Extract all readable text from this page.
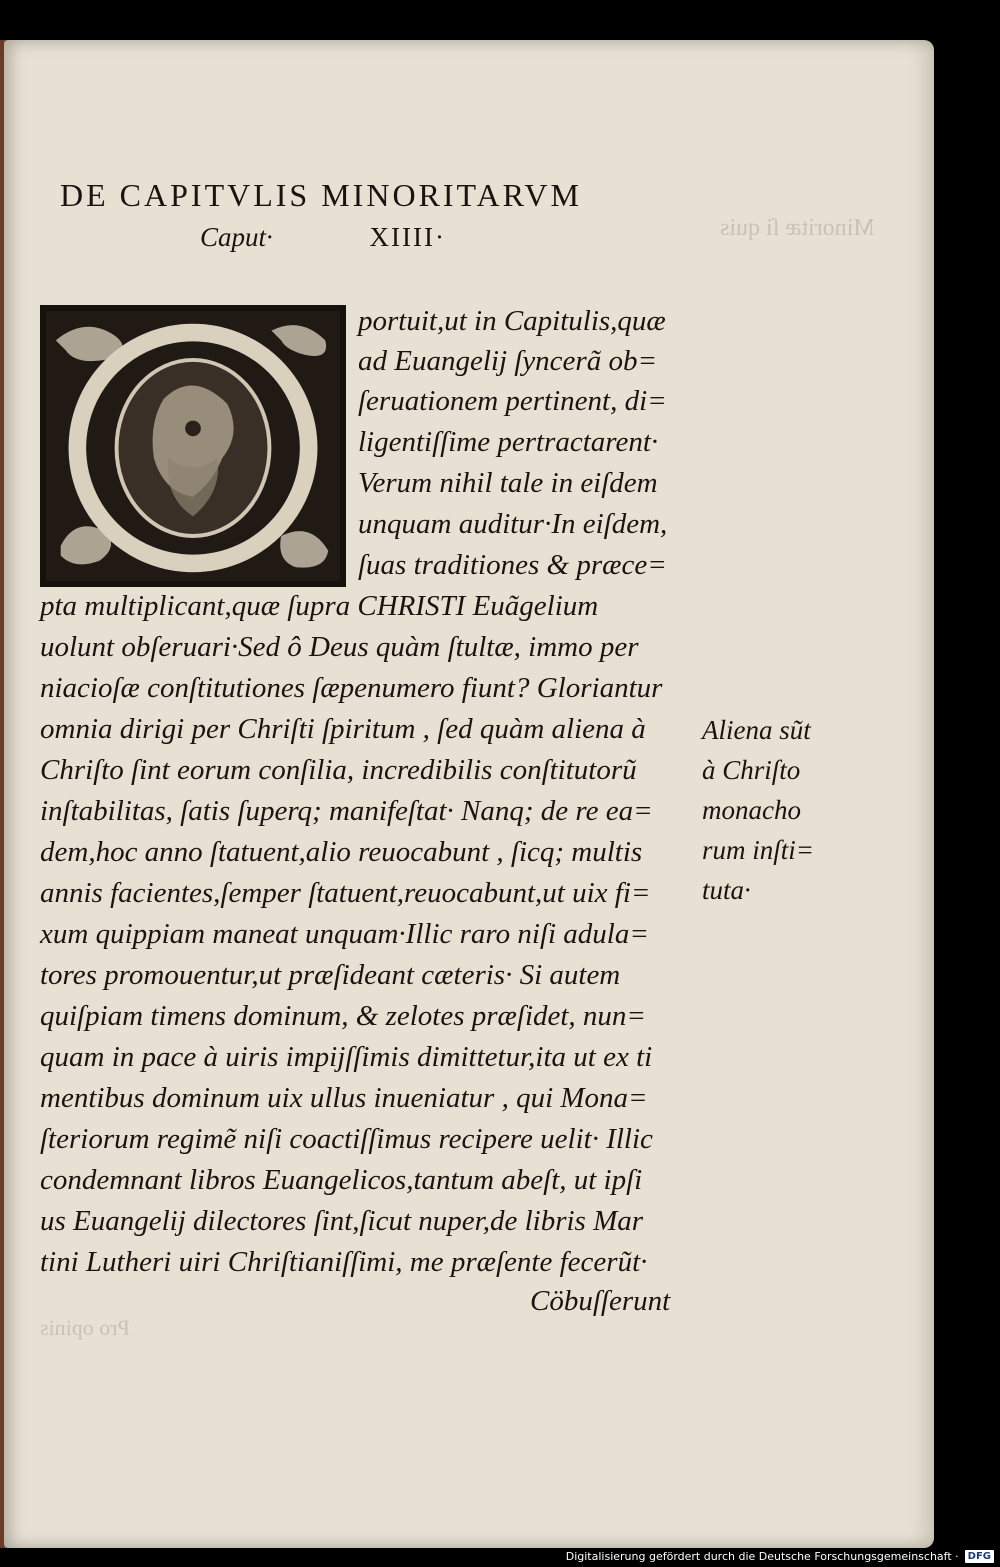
Minoritæ ſi quis
Pro opinis
DE CAPITVLIS MINORITARVM
Caput·	XIIII·
portuit,ut in Capitulis,quæ
ad Euangelij ſyncerã ob=
ſeruationem pertinent, di=
ligentiſſime pertractarent·
Verum nihil tale in eiſdem
unquam auditur·In eiſdem,
ſuas traditiones & præce=
pta multiplicant,quæ ſupra CHRISTI Euãgelium
uolunt obſeruari·Sed ô Deus quàm ſtultæ, immo per
niacioſæ conſtitutiones ſæpenumero fiunt? Gloriantur
omnia dirigi per Chriſti ſpiritum , ſed quàm aliena à
Chriſto ſint eorum conſilia, incredibilis conſtitutorũ
inſtabilitas, ſatis ſuperq; manifeſtat· Nanq; de re ea=
dem,hoc anno ſtatuent,alio reuocabunt , ſicq; multis
annis facientes,ſemper ſtatuent,reuocabunt,ut uix fi=
xum quippiam maneat unquam·Illic raro niſi adula=
tores promouentur,ut præſideant cæteris· Si autem
quiſpiam timens dominum, & zelotes præſidet, nun=
quam in pace à uiris impijſſimis dimittetur,ita ut ex ti
mentibus dominum uix ullus inueniatur , qui Mona=
ſteriorum regimẽ niſi coactiſſimus recipere uelit· Illic
condemnant libros Euangelicos,tantum abeſt, ut ipſi
us Euangelij dilectores ſint,ſicut nuper,de libris Mar
tini Lutheri uiri Chriſtianiſſimi, me præſente fecerũt·
Cöbuſſerunt
Aliena sũt
à Chriſto
monacho
rum inſti=
tuta·
Digitalisierung gefördert durch die Deutsche Forschungsgemeinschaft · DFG
